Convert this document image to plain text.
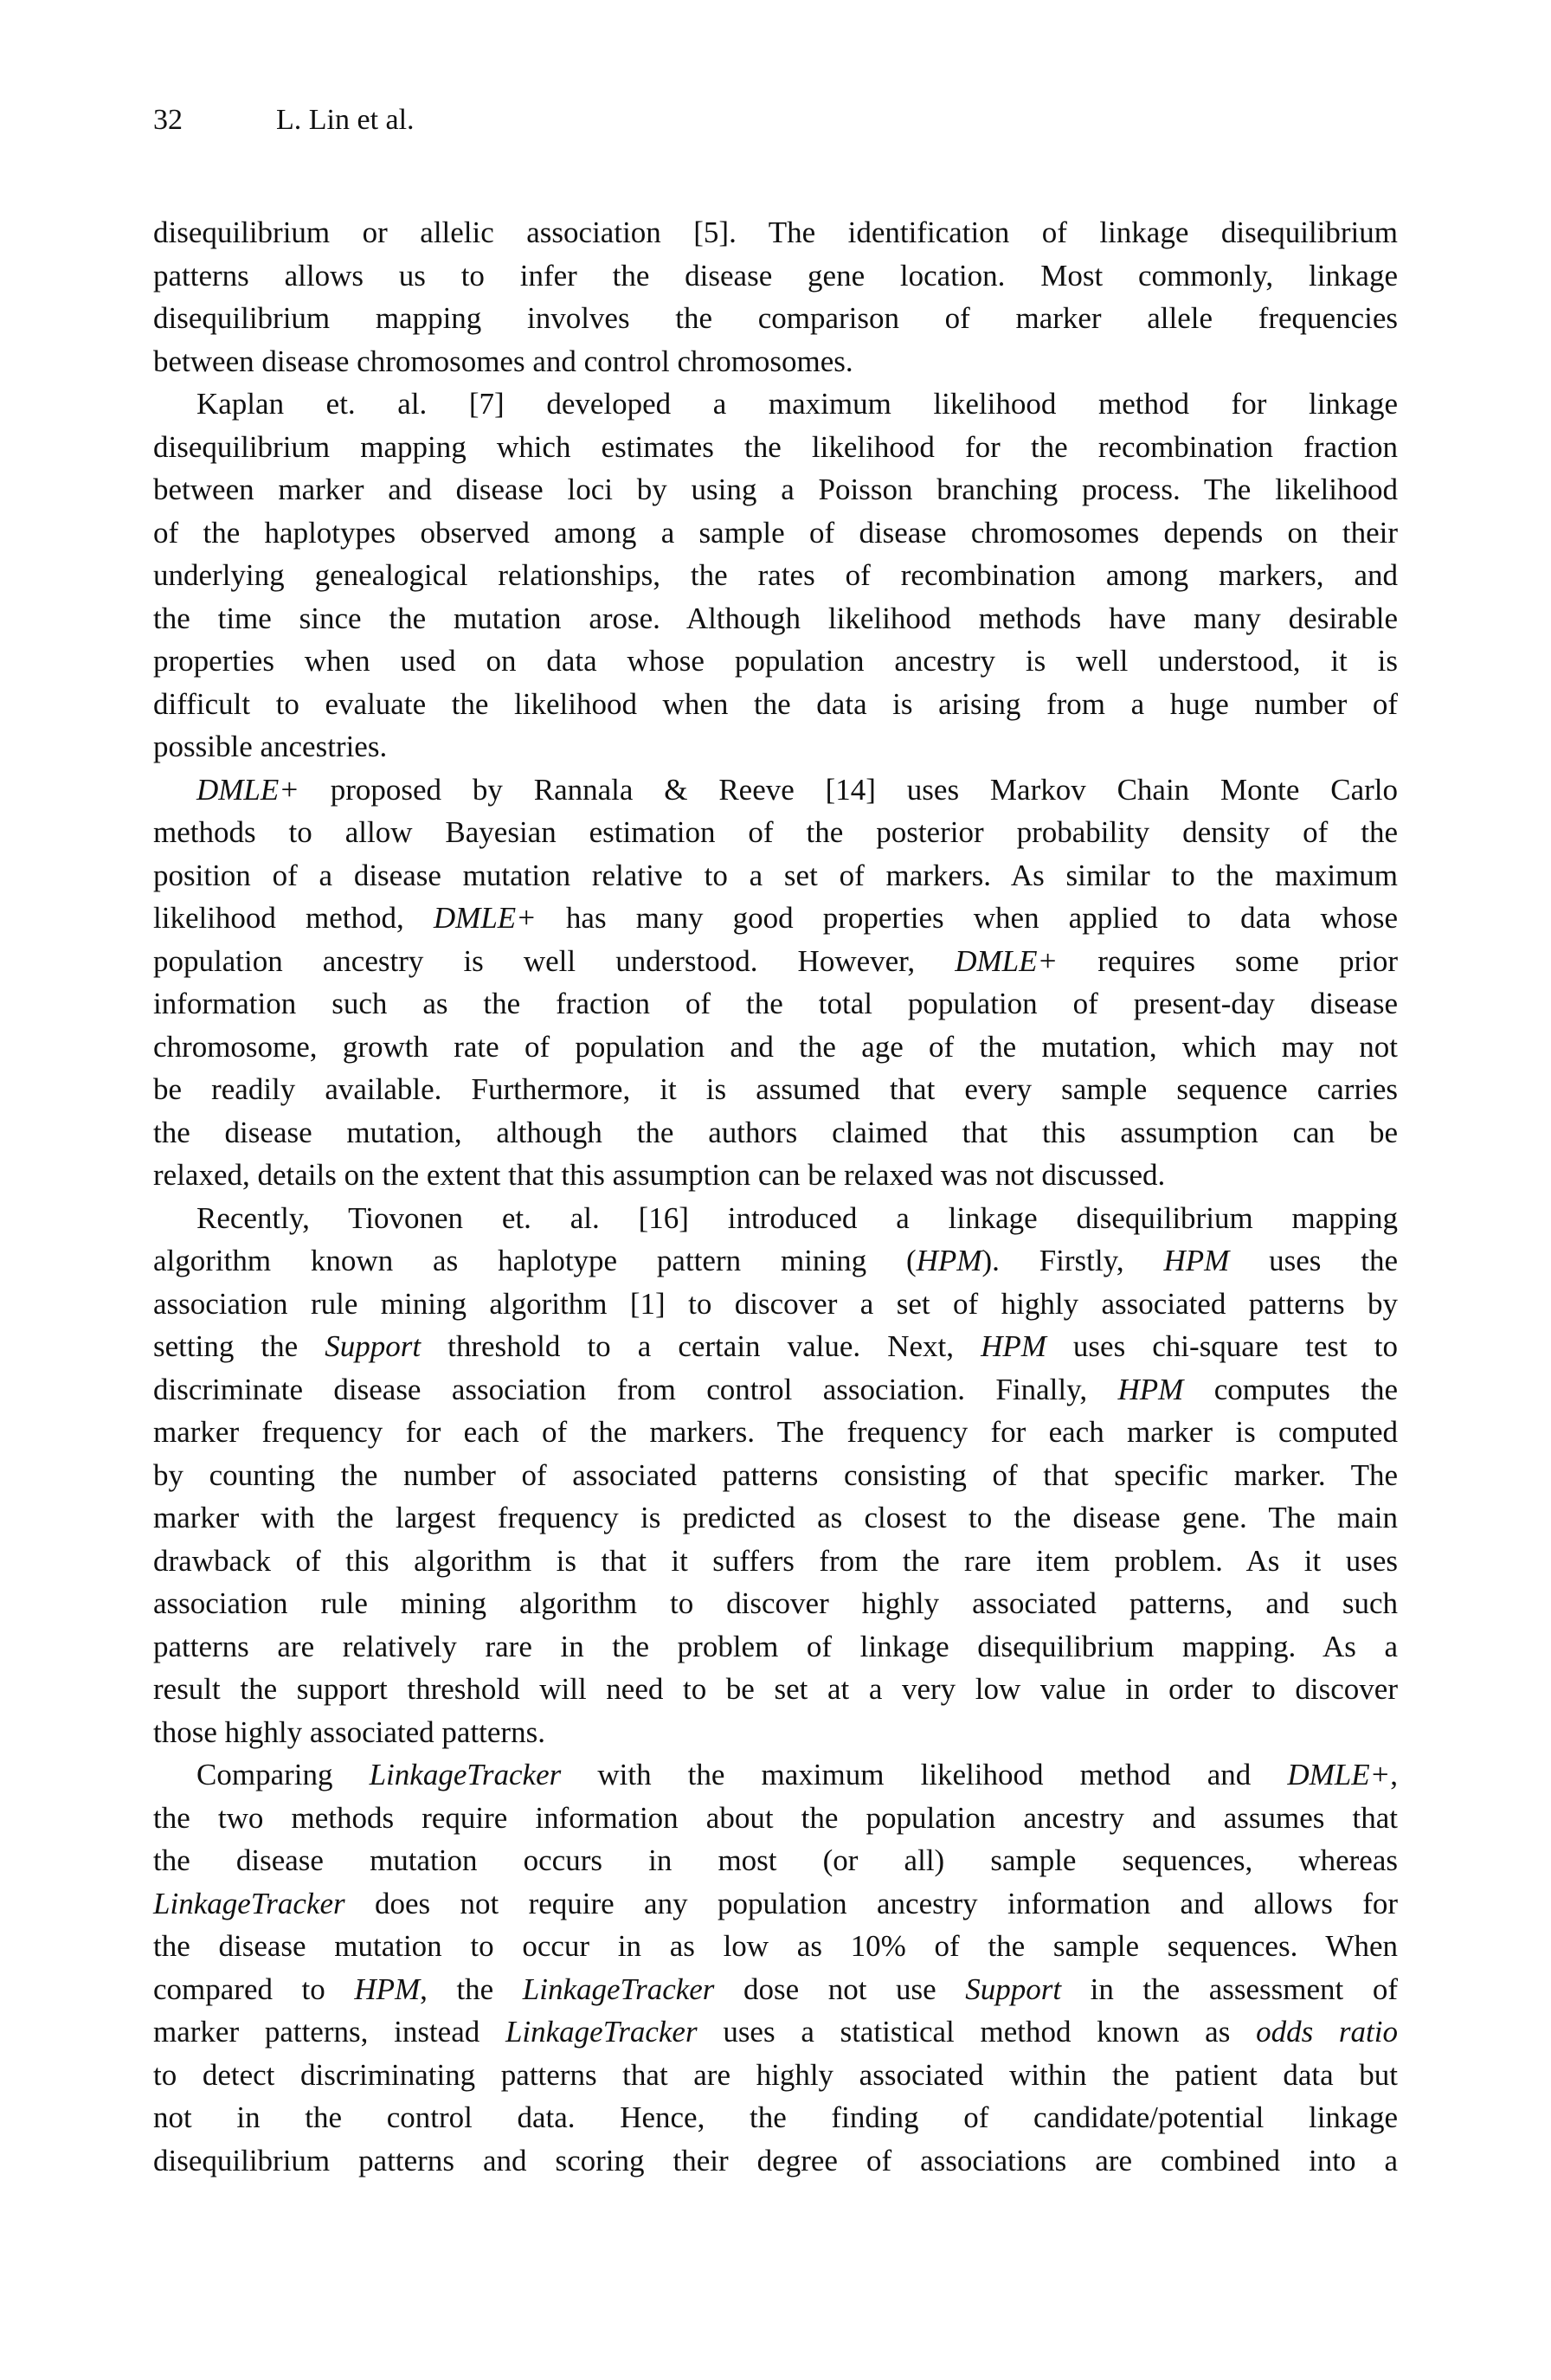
32	L. Lin et al.
disequilibrium or allelic association [5]. The identification of linkage disequilibrium
patterns allows us to infer the disease gene location. Most commonly, linkage
disequilibrium mapping involves the comparison of marker allele frequencies
between disease chromosomes and control chromosomes.
Kaplan et. al. [7] developed a maximum likelihood method for linkage
disequilibrium mapping which estimates the likelihood for the recombination fraction
between marker and disease loci by using a Poisson branching process. The likelihood
of the haplotypes observed among a sample of disease chromosomes depends on their
underlying genealogical relationships, the rates of recombination among markers, and
the time since the mutation arose. Although likelihood methods have many desirable
properties when used on data whose population ancestry is well understood, it is
difficult to evaluate the likelihood when the data is arising from a huge number of
possible ancestries.
DMLE+ proposed by Rannala & Reeve [14] uses Markov Chain Monte Carlo
methods to allow Bayesian estimation of the posterior probability density of the
position of a disease mutation relative to a set of markers. As similar to the maximum
likelihood method, DMLE+ has many good properties when applied to data whose
population ancestry is well understood. However, DMLE+ requires some prior
information such as the fraction of the total population of present-day disease
chromosome, growth rate of population and the age of the mutation, which may not
be readily available. Furthermore, it is assumed that every sample sequence carries
the disease mutation, although the authors claimed that this assumption can be
relaxed, details on the extent that this assumption can be relaxed was not discussed.
Recently, Tiovonen et. al. [16] introduced a linkage disequilibrium mapping
algorithm known as haplotype pattern mining (HPM). Firstly, HPM uses the
association rule mining algorithm [1] to discover a set of highly associated patterns by
setting the Support threshold to a certain value. Next, HPM uses chi-square test to
discriminate disease association from control association. Finally, HPM computes the
marker frequency for each of the markers. The frequency for each marker is computed
by counting the number of associated patterns consisting of that specific marker. The
marker with the largest frequency is predicted as closest to the disease gene. The main
drawback of this algorithm is that it suffers from the rare item problem. As it uses
association rule mining algorithm to discover highly associated patterns, and such
patterns are relatively rare in the problem of linkage disequilibrium mapping. As a
result the support threshold will need to be set at a very low value in order to discover
those highly associated patterns.
Comparing LinkageTracker with the maximum likelihood method and DMLE+,
the two methods require information about the population ancestry and assumes that
the disease mutation occurs in most (or all) sample sequences, whereas
LinkageTracker does not require any population ancestry information and allows for
the disease mutation to occur in as low as 10% of the sample sequences. When
compared to HPM, the LinkageTracker dose not use Support in the assessment of
marker patterns, instead LinkageTracker uses a statistical method known as odds ratio
to detect discriminating patterns that are highly associated within the patient data but
not in the control data. Hence, the finding of candidate/potential linkage
disequilibrium patterns and scoring their degree of associations are combined into a
